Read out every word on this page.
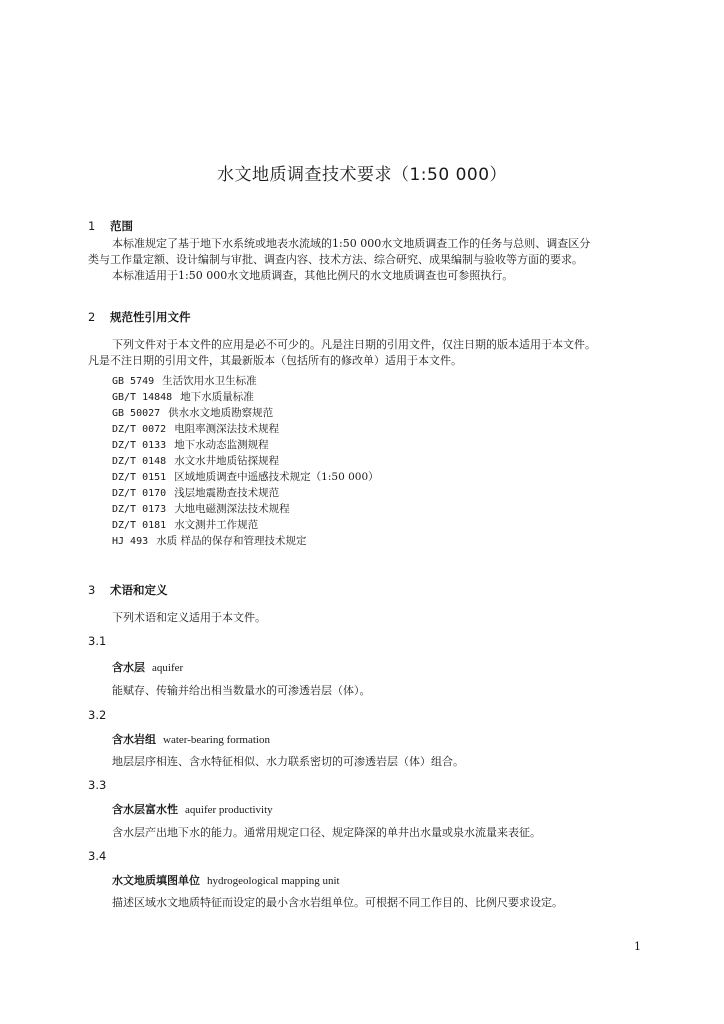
水文地质调查技术要求（1:50 000）
1 范围
本标准规定了基于地下水系统或地表水流域的1:50 000水文地质调查工作的任务与总则、调查区分
类与工作量定额、设计编制与审批、调查内容、技术方法、综合研究、成果编制与验收等方面的要求。
本标准适用于1:50 000水文地质调查，其他比例尺的水文地质调查也可参照执行。
2 规范性引用文件
下列文件对于本文件的应用是必不可少的。凡是注日期的引用文件，仅注日期的版本适用于本文件。
凡是不注日期的引用文件，其最新版本（包括所有的修改单）适用于本文件。
GB 5749 生活饮用水卫生标准
GB/T 14848 地下水质量标准
GB 50027 供水水文地质勘察规范
DZ/T 0072 电阻率测深法技术规程
DZ/T 0133 地下水动态监测规程
DZ/T 0148 水文水井地质钻探规程
DZ/T 0151 区域地质调查中遥感技术规定（1:50 000）
DZ/T 0170 浅层地震勘查技术规范
DZ/T 0173 大地电磁测深法技术规程
DZ/T 0181 水文测井工作规范
HJ 493 水质 样品的保存和管理技术规定
3 术语和定义
下列术语和定义适用于本文件。
3.1
含水层 aquifer
能赋存、传输并给出相当数量水的可渗透岩层（体）。
3.2
含水岩组 water-bearing formation
地层层序相连、含水特征相似、水力联系密切的可渗透岩层（体）组合。
3.3
含水层富水性 aquifer productivity
含水层产出地下水的能力。通常用规定口径、规定降深的单井出水量或泉水流量来表征。
3.4
水文地质填图单位 hydrogeological mapping unit
描述区域水文地质特征而设定的最小含水岩组单位。可根据不同工作目的、比例尺要求设定。
1
